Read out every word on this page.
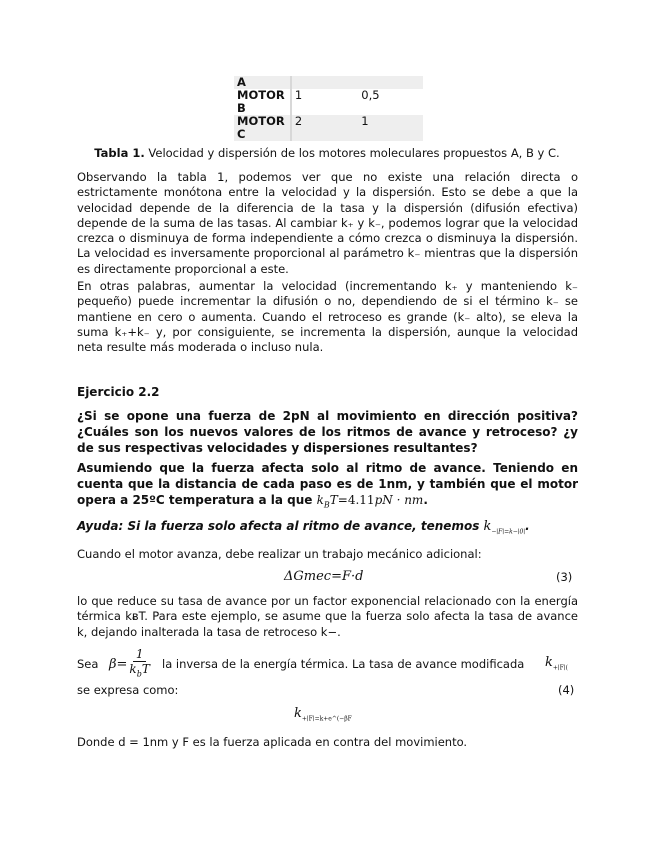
A		
MOTOR B	1	0,5
MOTOR C	2	1
Tabla 1. Velocidad y dispersión de los motores moleculares propuestos A, B y C.
Observando la tabla 1, podemos ver que no existe una relación directa o estrictamente monótona entre la velocidad y la dispersión. Esto se debe a que la velocidad depende de la diferencia de la tasa y la dispersión (difusión efectiva) depende de la suma de las tasas. Al cambiar k₊ y k₋, podemos lograr que la velocidad crezca o disminuya de forma independiente a cómo crezca o disminuya la dispersión. La velocidad es inversamente proporcional al parámetro k₋ mientras que la dispersión es directamente proporcional a este.
En otras palabras, aumentar la velocidad (incrementando k₊ y manteniendo k₋ pequeño) puede incrementar la difusión o no, dependiendo de si el término k₋ se mantiene en cero o aumenta. Cuando el retroceso es grande (k₋ alto), se eleva la suma k₊+k₋ y, por consiguiente, se incrementa la dispersión, aunque la velocidad neta resulte más moderada o incluso nula.
Ejercicio 2.2
¿Si se opone una fuerza de 2pN al movimiento en dirección positiva? ¿Cuáles son los nuevos valores de los ritmos de avance y retroceso? ¿y de sus respectivas velocidades y dispersiones resultantes?
Asumiendo que la fuerza afecta solo al ritmo de avance. Teniendo en cuenta que la distancia de cada paso es de 1nm, y también que el motor opera a 25ºC temperatura a la que $k_BT=4.11pN$ · nm.
Ayuda: Si la fuerza solo afecta al ritmo de avance, tenemos $k_{-∣F∣=k-∣0∣}$.
Cuando el motor avanza, debe realizar un trabajo mecánico adicional:
ΔGmec=F·d	(3)
lo que reduce su tasa de avance por un factor exponencial relacionado con la energía térmica kᴃT. Para este ejemplo, se asume que la fuerza solo afecta la tasa de avance k, dejando inalterada la tasa de retroceso k−.
Sea $\beta= \frac{1}{k_bT}$ la inversa de la energía térmica. La tasa de avance modificada $k_{+∣F∣(}$
se expresa como:	(4)
$k_{+∣F∣=k+e\^{}(-\beta F}$
Donde d = 1nm y F es la fuerza aplicada en contra del movimiento.
